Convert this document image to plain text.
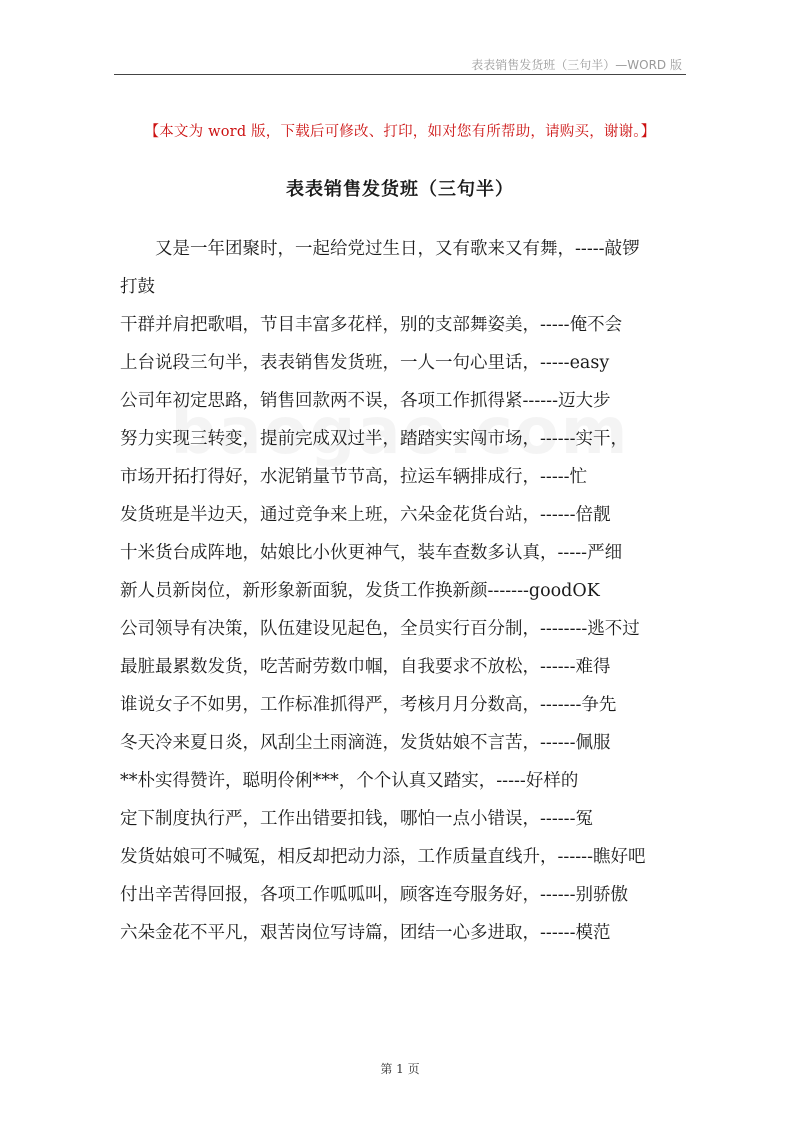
表表销售发货班（三句半）—WORD 版
【本文为 word 版，下载后可修改、打印，如对您有所帮助，请购买，谢谢。】
表表销售发货班（三句半）
又是一年团聚时，一起给党过生日，又有歌来又有舞，-----敲锣
打鼓
干群并肩把歌唱，节目丰富多花样，别的支部舞姿美，-----俺不会
上台说段三句半，表表销售发货班，一人一句心里话，-----easy
公司年初定思路，销售回款两不误，各项工作抓得紧------迈大步
努力实现三转变，提前完成双过半，踏踏实实闯市场，------实干，
市场开拓打得好，水泥销量节节高，拉运车辆排成行，-----忙
发货班是半边天，通过竞争来上班，六朵金花货台站，------倍靓
十米货台成阵地，姑娘比小伙更神气，装车查数多认真，-----严细
新人员新岗位，新形象新面貌，发货工作换新颜-------goodOK
公司领导有决策，队伍建设见起色，全员实行百分制，--------逃不过
最脏最累数发货，吃苦耐劳数巾帼，自我要求不放松，------难得
谁说女子不如男，工作标准抓得严，考核月月分数高，-------争先
冬天冷来夏日炎，风刮尘土雨滴涟，发货姑娘不言苦，------佩服
**朴实得赞许，聪明伶俐***，个个认真又踏实，-----好样的
定下制度执行严，工作出错要扣钱，哪怕一点小错误，------冤
发货姑娘可不喊冤，相反却把动力添，工作质量直线升，------瞧好吧
付出辛苦得回报，各项工作呱呱叫，顾客连夸服务好，------别骄傲
六朵金花不平凡，艰苦岗位写诗篇，团结一心多进取，------模范
第 1 页
